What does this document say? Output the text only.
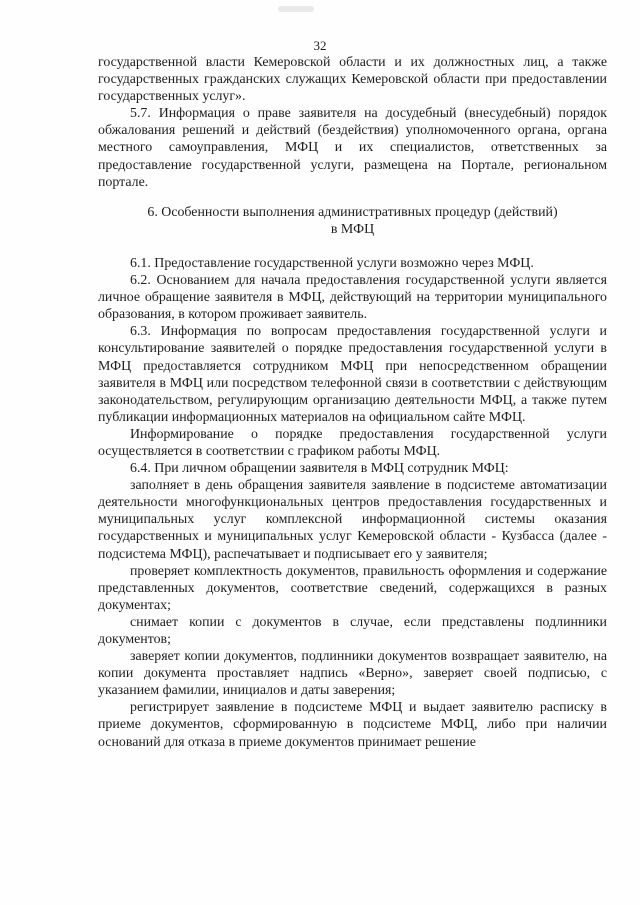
32

государственной власти Кемеровской области и их должностных лиц, а также государственных гражданских служащих Кемеровской области при предоставлении государственных услуг».

5.7. Информация о праве заявителя на досудебный (внесудебный) порядок обжалования решений и действий (бездействия) уполномоченного органа, органа местного самоуправления, МФЦ и их специалистов, ответственных за предоставление государственной услуги, размещена на Портале, региональном портале.

6. Особенности выполнения административных процедур (действий)
в МФЦ

6.1. Предоставление государственной услуги возможно через МФЦ.

6.2. Основанием для начала предоставления государственной услуги является личное обращение заявителя в МФЦ, действующий на территории муниципального образования, в котором проживает заявитель.

6.3. Информация по вопросам предоставления государственной услуги и консультирование заявителей о порядке предоставления государственной услуги в МФЦ предоставляется сотрудником МФЦ при непосредственном обращении заявителя в МФЦ или посредством телефонной связи в соответствии с действующим законодательством, регулирующим организацию деятельности МФЦ, а также путем публикации информационных материалов на официальном сайте МФЦ.

Информирование о порядке предоставления государственной услуги осуществляется в соответствии с графиком работы МФЦ.

6.4. При личном обращении заявителя в МФЦ сотрудник МФЦ:

заполняет в день обращения заявителя заявление в подсистеме автоматизации деятельности многофункциональных центров предоставления государственных и муниципальных услуг комплексной информационной системы оказания государственных и муниципальных услуг Кемеровской области - Кузбасса (далее - подсистема МФЦ), распечатывает и подписывает его у заявителя;

проверяет комплектность документов, правильность оформления и содержание представленных документов, соответствие сведений, содержащихся в разных документах;

снимает копии с документов в случае, если представлены подлинники документов;

заверяет копии документов, подлинники документов возвращает заявителю, на копии документа проставляет надпись «Верно», заверяет своей подписью, с указанием фамилии, инициалов и даты заверения;

регистрирует заявление в подсистеме МФЦ и выдает заявителю расписку в приеме документов, сформированную в подсистеме МФЦ, либо при наличии оснований для отказа в приеме документов принимает решение
